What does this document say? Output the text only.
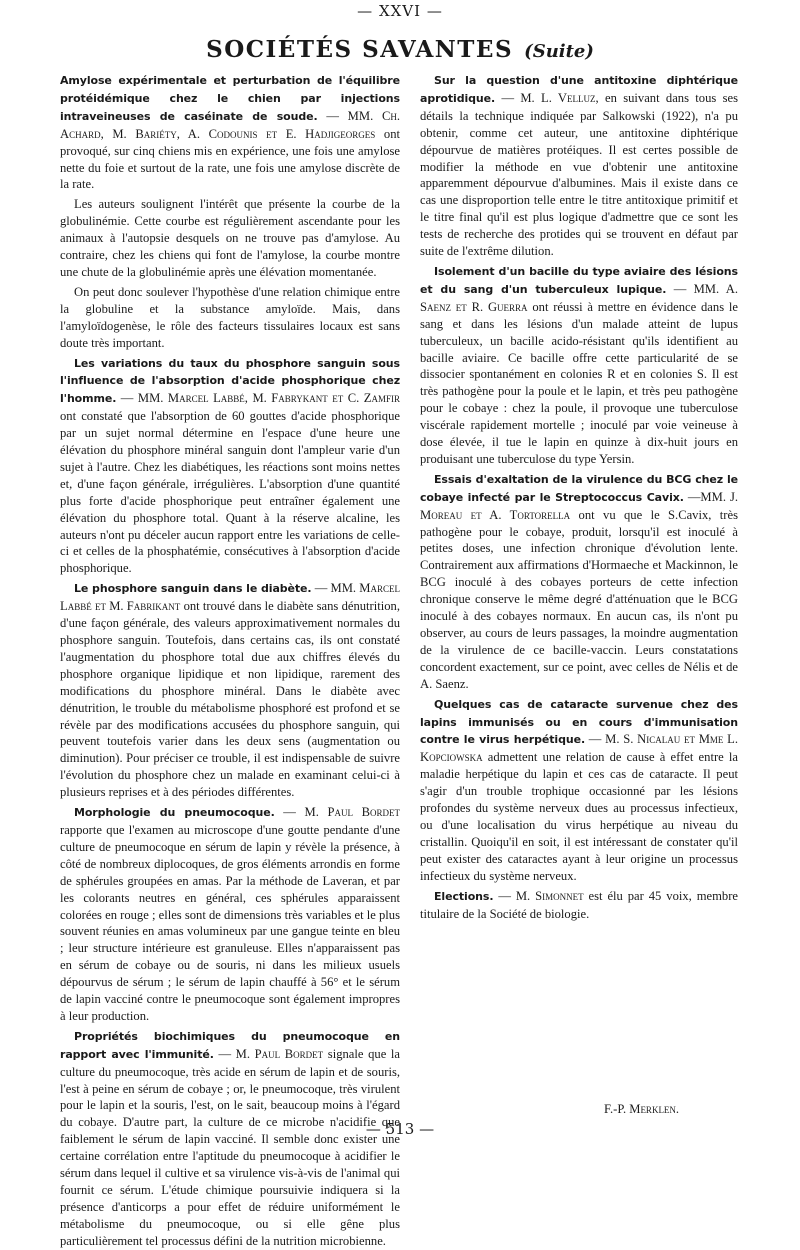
— XXVI —
SOCIÉTÉS SAVANTES (Suite)

Amylose expérimentale et perturbation de l'équilibre protéidémique chez le chien par injections intraveineuses de caséinate de soude. — MM. Ch. Achard, M. Bariéty, A. Codounis et E. Hadjigeorges ont provoqué, sur cinq chiens mis en expérience, une fois une amylose nette du foie et surtout de la rate, une fois une amylose discrète de la rate.

Les auteurs soulignent l'intérêt que présente la courbe de la globulinémie. Cette courbe est régulièrement ascendante pour les animaux à l'autopsie desquels on ne trouve pas d'amylose. Au contraire, chez les chiens qui font de l'amylose, la courbe montre une chute de la globulinémie après une élévation momentanée.

On peut donc soulever l'hypothèse d'une relation chimique entre la globuline et la substance amyloïde. Mais, dans l'amyloïdogenèse, le rôle des facteurs tissulaires locaux est sans doute très important.

Les variations du taux du phosphore sanguin sous l'influence de l'absorption d'acide phosphorique chez l'homme. — MM. Marcel Labbé, M. Fabrykant et C. Zamfir ont constaté que l'absorption de 60 gouttes d'acide phosphorique par un sujet normal détermine en l'espace d'une heure une élévation du phosphore minéral sanguin dont l'ampleur varie d'un sujet à l'autre. Chez les diabétiques, les réactions sont moins nettes et, d'une façon générale, irrégulières. L'absorption d'une quantité plus forte d'acide phosphorique peut entraîner également une élévation du phosphore total. Quant à la réserve alcaline, les auteurs n'ont pu déceler aucun rapport entre les variations de celle-ci et celles de la phosphatémie, consécutives à l'absorption d'acide phosphorique.

Le phosphore sanguin dans le diabète. — MM. Marcel Labbé et M. Fabrikant ont trouvé dans le diabète sans dénutrition, d'une façon générale, des valeurs approximativement normales du phosphore sanguin. Toutefois, dans certains cas, ils ont constaté l'augmentation du phosphore total due aux chiffres élevés du phosphore organique lipidique et non lipidique, rarement des modifications du phosphore minéral. Dans le diabète avec dénutrition, le trouble du métabolisme phosphoré est profond et se révèle par des modifications accusées du phosphore sanguin, qui peuvent toutefois varier dans les deux sens (augmentation ou diminution). Pour préciser ce trouble, il est indispensable de suivre l'évolution du phosphore chez un malade en examinant celui-ci à plusieurs reprises et à des périodes différentes.

Morphologie du pneumocoque. — M. Paul Bordet rapporte que l'examen au microscope d'une goutte pendante d'une culture de pneumocoque en sérum de lapin y révèle la présence, à côté de nombreux diplocoques, de gros éléments arrondis en forme de sphérules groupées en amas. Par la méthode de Laveran, et par les colorants neutres en général, ces sphérules apparaissent colorées en rouge ; elles sont de dimensions très variables et le plus souvent réunies en amas volumineux par une gangue teinte en bleu ; leur structure intérieure est granuleuse. Elles n'apparaissent pas en sérum de cobaye ou de souris, ni dans les milieux usuels dépourvus de sérum ; le sérum de lapin chauffé à 56° et le sérum de lapin vacciné contre le pneumocoque sont également impropres à leur production.

Propriétés biochimiques du pneumocoque en rapport avec l'immunité. — M. Paul Bordet signale que la culture du pneumocoque, très acide en sérum de lapin et de souris, l'est à peine en sérum de cobaye ; or, le pneumocoque, très virulent pour le lapin et la souris, l'est, on le sait, beaucoup moins à l'égard du cobaye. D'autre part, la culture de ce microbe n'acidifie que faiblement le sérum de lapin vacciné. Il semble donc exister une certaine corrélation entre l'aptitude du pneumocoque à acidifier le sérum dans lequel il cultive et sa virulence vis-à-vis de l'animal qui fournit ce sérum. L'étude chimique poursuivie indiquera si la présence d'anticorps a pour effet de réduire uniformément le métabolisme du pneumocoque, ou si elle gêne plus particulièrement tel processus défini de la nutrition microbienne.

Sur la question d'une antitoxine diphtérique aprotidique. — M. L. Velluz, en suivant dans tous ses détails la technique indiquée par Salkowski (1922), n'a pu obtenir, comme cet auteur, une antitoxine diphtérique dépourvue de matières protéiques. Il est certes possible de modifier la méthode en vue d'obtenir une antitoxine apparemment dépourvue d'albumines. Mais il existe dans ce cas une disproportion telle entre le titre antitoxique primitif et le titre final qu'il est plus logique d'admettre que ce sont les tests de recherche des protides qui se trouvent en défaut par suite de l'extrême dilution.

Isolement d'un bacille du type aviaire des lésions et du sang d'un tuberculeux lupique. — MM. A. Saenz et R. Guerra ont réussi à mettre en évidence dans le sang et dans les lésions d'un malade atteint de lupus tuberculeux, un bacille acido-résistant qu'ils identifient au bacille aviaire. Ce bacille offre cette particularité de se dissocier spontanément en colonies R et en colonies S. Il est très pathogène pour la poule et le lapin, et très peu pathogène pour le cobaye : chez la poule, il provoque une tuberculose viscérale rapidement mortelle ; inoculé par voie veineuse à dose élevée, il tue le lapin en quinze à dix-huit jours en produisant une tuberculose du type Yersin.

Essais d'exaltation de la virulence du BCG chez le cobaye infecté par le Streptococcus Cavix. —MM. J. Moreau et A. Tortorella ont vu que le S.Cavix, très pathogène pour le cobaye, produit, lorsqu'il est inoculé à petites doses, une infection chronique d'évolution lente. Contrairement aux affirmations d'Hormaeche et Mackinnon, le BCG inoculé à des cobayes porteurs de cette infection chronique conserve le même degré d'atténuation que le BCG inoculé à des cobayes normaux. En aucun cas, ils n'ont pu observer, au cours de leurs passages, la moindre augmentation de la virulence de ce bacille-vaccin. Leurs constatations concordent exactement, sur ce point, avec celles de Nélis et de A. Saenz.

Quelques cas de cataracte survenue chez des lapins immunisés ou en cours d'immunisation contre le virus herpétique. — M. S. Nicalau et Mme L. Kopciowska admettent une relation de cause à effet entre la maladie herpétique du lapin et ces cas de cataracte. Il peut s'agir d'un trouble trophique occasionné par les lésions profondes du système nerveux dues au processus infectieux, ou d'une localisation du virus herpétique au niveau du cristallin. Quoiqu'il en soit, il est intéressant de constater qu'il peut exister des cataractes ayant à leur origine un processus infectieux du système nerveux.

Elections. — M. Simonnet est élu par 45 voix, membre titulaire de la Société de biologie.

F.-P. Merklen.
— 513 —
